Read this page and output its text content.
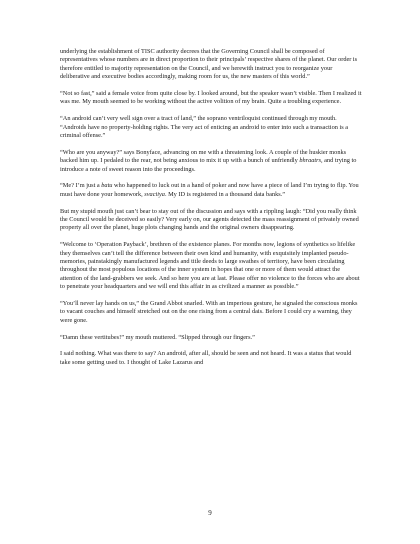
underlying the establishment of TISC authority decrees that the Governing Council shall be composed of representatives whose numbers are in direct proportion to their principals’ respective shares of the planet. Our order is therefore entitled to majority representation on the Council, and we herewith instruct you to reorganize your deliberative and executive bodies accordingly, making room for us, the new masters of this world.”

“Not so fast,” said a female voice from quite close by. I looked around, but the speaker wasn’t visible. Then I realized it was me. My mouth seemed to be working without the active volition of my brain. Quite a troubling experience.

“An android can’t very well sign over a tract of land,” the soprano ventriloquist continued through my mouth. “Androids have no property-holding rights. The very act of enticing an android to enter into such a transaction is a criminal offense.”

“Who are you anyway?” says Bonyface, advancing on me with a threatening look. A couple of the huskier monks backed him up. I pedaled to the rear, not being anxious to mix it up with a bunch of unfriendly bhraatrs, and trying to introduce a note of sweet reason into the proceedings.

“Me? I’m just a batu who happened to luck out in a hand of poker and now have a piece of land I’m trying to flip. You must have done your homework, svaciiya. My ID is registered in a thousand data banks.”

But my stupid mouth just can’t bear to stay out of the discussion and says with a rippling laugh: “Did you really think the Council would be deceived so easily? Very early on, our agents detected the mass reassignment of privately owned property all over the planet, huge plots changing hands and the original owners disappearing.

“Welcome to ‘Operation Payback’, brethren of the existence planes. For months now, legions of synthetics so lifelike they themselves can’t tell the difference between their own kind and humanity, with exquisitely implanted pseudo-memories, painstakingly manufactured legends and title deeds to large swathes of territory, have been circulating throughout the most populous locations of the inner system in hopes that one or more of them would attract the attention of the land-grabbers we seek. And so here you are at last. Please offer no violence to the forces who are about to penetrate your headquarters and we will end this affair in as civilized a manner as possible.”

“You’ll never lay hands on us,” the Grand Abbot snarled. With an imperious gesture, he signaled the conscious monks to vacant couches and himself stretched out on the one rising from a central dais. Before I could cry a warning, they were gone.

“Damn these vertitubes!” my mouth muttered. “Slipped through our fingers.”

I said nothing. What was there to say? An android, after all, should be seen and not heard. It was a status that would take some getting used to. I thought of Lake Lazarus and

9
